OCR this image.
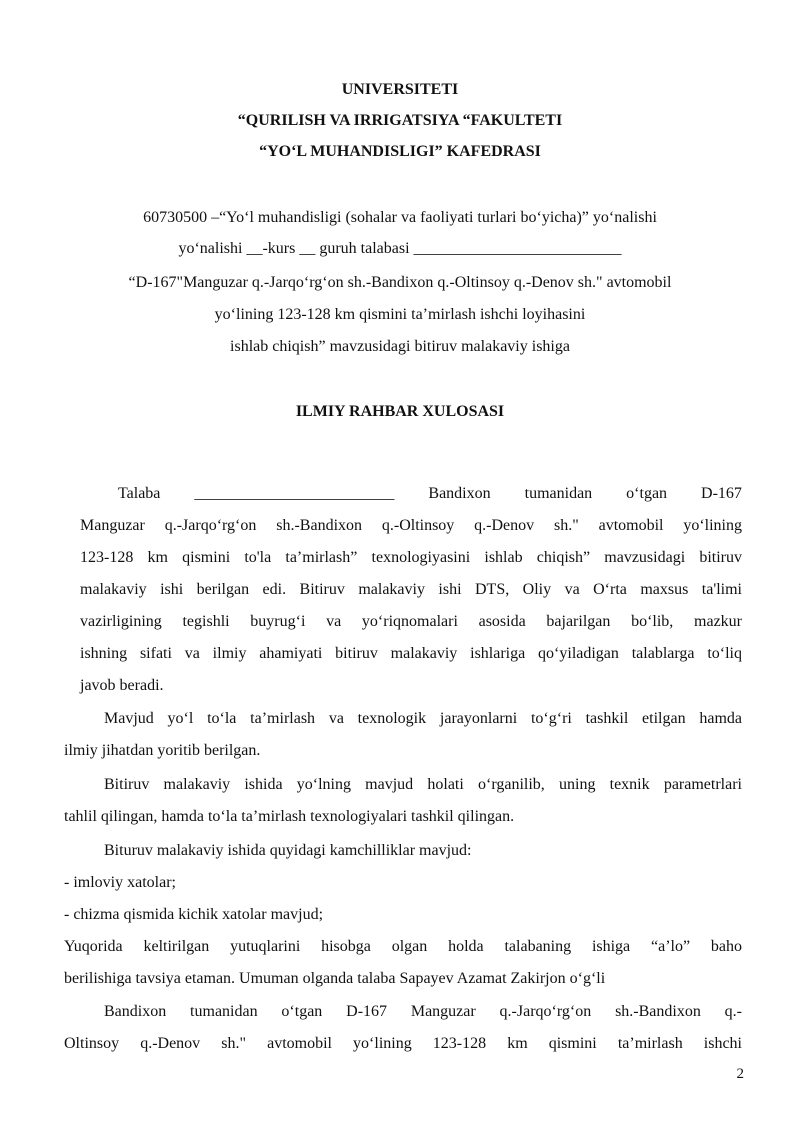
UNIVERSITETI
“QURILISH VA IRRIGATSIYA “FAKULTETI
“YO‘L MUHANDISLIGI” KAFEDRASI
60730500 –“Yo‘l muhandisligi (sohalar va faoliyati turlari bo‘yicha)” yo‘nalishi
yo‘nalishi __-kurs __ guruh talabasi __________________________
“D-167"Manguzar q.-Jarqo‘rg‘on sh.-Bandixon q.-Oltinsoy q.-Denov sh." avtomobil
yo‘lining 123-128 km qismini ta’mirlash ishchi loyihasini
ishlab chiqish” mavzusidagi bitiruv malakaviy ishiga
ILMIY RAHBAR XULOSASI
Talaba _________________________ Bandixon tumanidan o‘tgan D-167
Manguzar q.-Jarqo‘rg‘on sh.-Bandixon q.-Oltinsoy q.-Denov sh." avtomobil yo‘lining
123-128 km qismini to'la ta’mirlash” texnologiyasini ishlab chiqish” mavzusidagi bitiruv
malakaviy ishi berilgan edi. Bitiruv malakaviy ishi DTS, Oliy va O‘rta maxsus ta'limi
vazirligining tegishli buyrug‘i va yo‘riqnomalari asosida bajarilgan bo‘lib, mazkur
ishning sifati va ilmiy ahamiyati bitiruv malakaviy ishlariga qo‘yiladigan talablarga to‘liq
javob beradi.
Mavjud yo‘l to‘la ta’mirlash va texnologik jarayonlarni to‘g‘ri tashkil etilgan hamda
ilmiy jihatdan yoritib berilgan.
Bitiruv malakaviy ishida yo‘lning mavjud holati o‘rganilib, uning texnik parametrlari
tahlil qilingan, hamda to‘la ta’mirlash texnologiyalari tashkil qilingan.
Bituruv malakaviy ishida quyidagi kamchilliklar mavjud:
- imloviy xatolar;
- chizma qismida kichik xatolar mavjud;
Yuqorida keltirilgan yutuqlarini hisobga olgan holda talabaning ishiga “a’lo” baho
berilishiga tavsiya etaman. Umuman olganda talaba Sapayev Azamat Zakirjon o‘g‘li
Bandixon tumanidan o‘tgan D-167 Manguzar q.-Jarqo‘rg‘on sh.-Bandixon q.-
Oltinsoy q.-Denov sh." avtomobil yo‘lining 123-128 km qismini ta’mirlash ishchi
2
